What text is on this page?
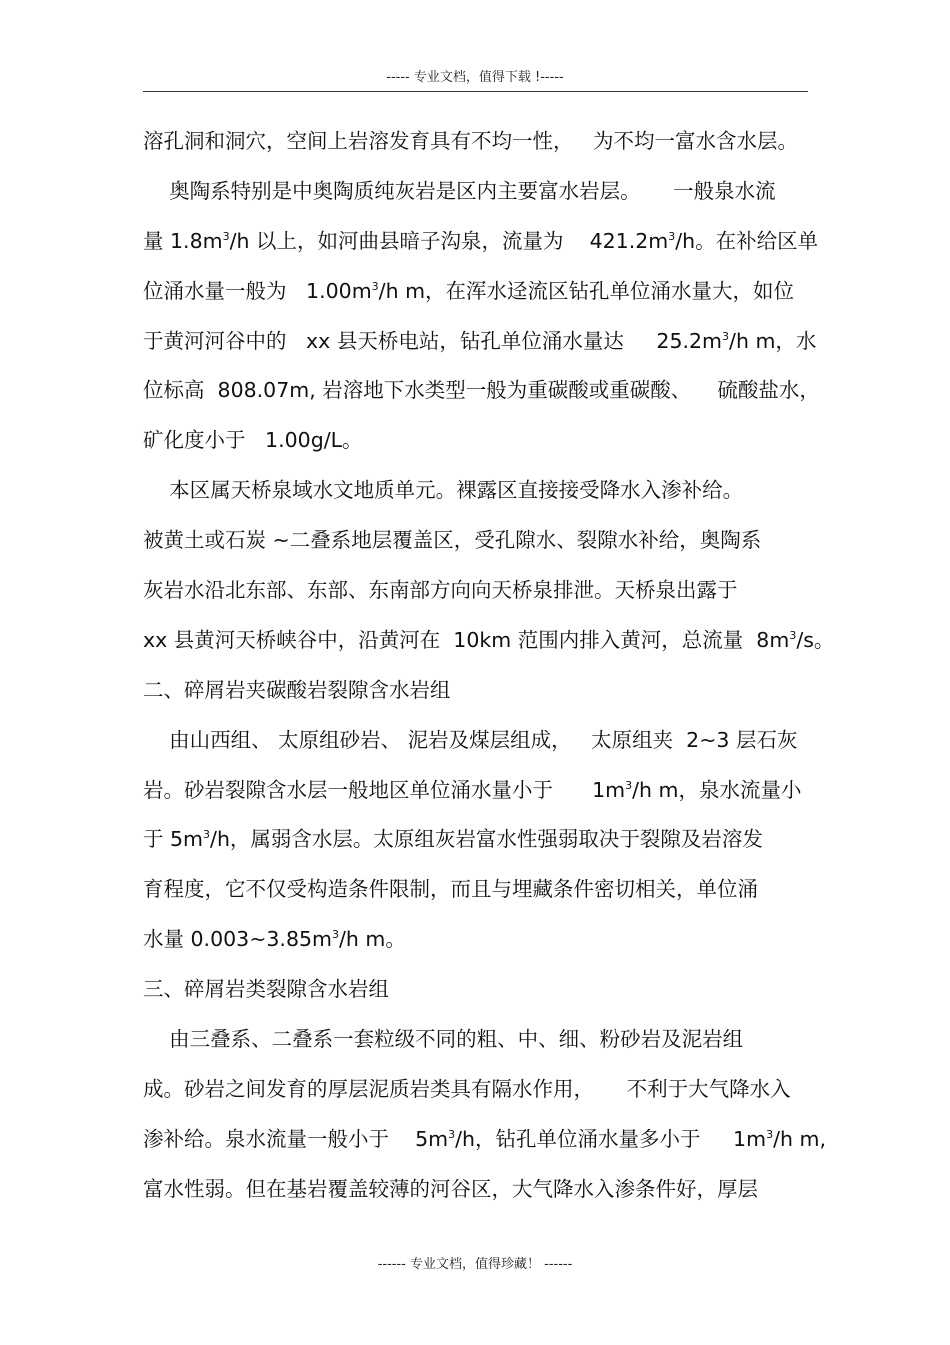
----- 专业文档，值得下载 !-----
溶孔洞和洞穴，空间上岩溶发育具有不均一性，   为不均一富水含水层。
奥陶系特别是中奥陶质纯灰岩是区内主要富水岩层。     一般泉水流
量 $1.8m^3/h$ 以上，如河曲县暗子沟泉，流量为    $421.2m^3/h$。在补给区单
位涌水量一般为   $1.00m^3/h$ m，在浑水迳流区钻孔单位涌水量大，如位
于黄河河谷中的   xx 县天桥电站，钻孔单位涌水量达     $25.2m^3/h$ m，水
位标高  808.07m, 岩溶地下水类型一般为重碳酸或重碳酸、    硫酸盐水，
矿化度小于   1.00g/L。
本区属天桥泉域水文地质单元。裸露区直接接受降水入渗补给。
被黄土或石炭 ~二叠系地层覆盖区，受孔隙水、裂隙水补给，奥陶系
灰岩水沿北东部、东部、东南部方向向天桥泉排泄。天桥泉出露于
xx 县黄河天桥峡谷中，沿黄河在  10km 范围内排入黄河，总流量  $8m^3/s$。
二、碎屑岩夹碳酸岩裂隙含水岩组
由山西组、 太原组砂岩、 泥岩及煤层组成，   太原组夹  2~3 层石灰
岩。砂岩裂隙含水层一般地区单位涌水量小于      $1m^3/h$ m，泉水流量小
于 $5m^3/h$，属弱含水层。太原组灰岩富水性强弱取决于裂隙及岩溶发
育程度，它不仅受构造条件限制，而且与埋藏条件密切相关，单位涌
水量 $0.003\sim 3.85m^3/h$ m。
三、碎屑岩类裂隙含水岩组
由三叠系、二叠系一套粒级不同的粗、中、细、粉砂岩及泥岩组
成。砂岩之间发育的厚层泥质岩类具有隔水作用，     不利于大气降水入
渗补给。泉水流量一般小于    $5m^3/h$，钻孔单位涌水量多小于     $1m^3/h$ m,
富水性弱。但在基岩覆盖较薄的河谷区，大气降水入渗条件好，厚层
------ 专业文档，值得珍藏！ ------
